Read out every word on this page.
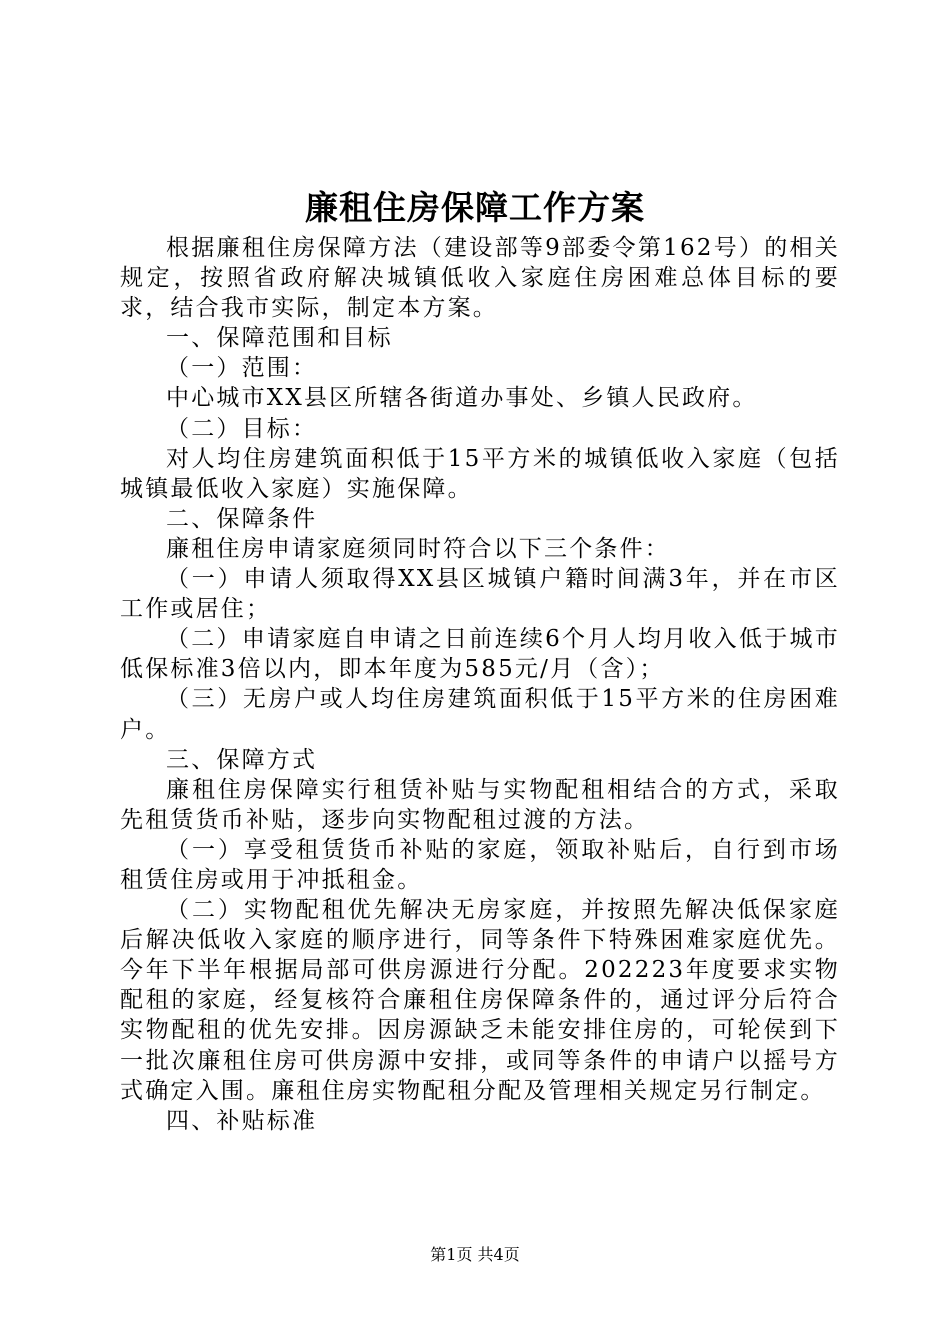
廉租住房保障工作方案

根据廉租住房保障方法（建设部等9部委令第162号）的相关规定，按照省政府解决城镇低收入家庭住房困难总体目标的要求，结合我市实际，制定本方案。

一、保障范围和目标

（一）范围：

中心城市XX县区所辖各街道办事处、乡镇人民政府。

（二）目标：

对人均住房建筑面积低于15平方米的城镇低收入家庭（包括城镇最低收入家庭）实施保障。

二、保障条件

廉租住房申请家庭须同时符合以下三个条件：

（一）申请人须取得XX县区城镇户籍时间满3年，并在市区工作或居住；

（二）申请家庭自申请之日前连续6个月人均月收入低于城市低保标准3倍以内，即本年度为585元/月（含）；

（三）无房户或人均住房建筑面积低于15平方米的住房困难户。

三、保障方式

廉租住房保障实行租赁补贴与实物配租相结合的方式，采取先租赁货币补贴，逐步向实物配租过渡的方法。

（一）享受租赁货币补贴的家庭，领取补贴后，自行到市场租赁住房或用于冲抵租金。

（二）实物配租优先解决无房家庭，并按照先解决低保家庭后解决低收入家庭的顺序进行，同等条件下特殊困难家庭优先。今年下半年根据局部可供房源进行分配。202223年度要求实物配租的家庭，经复核符合廉租住房保障条件的，通过评分后符合实物配租的优先安排。因房源缺乏未能安排住房的，可轮侯到下一批次廉租住房可供房源中安排，或同等条件的申请户以摇号方式确定入围。廉租住房实物配租分配及管理相关规定另行制定。

四、补贴标准

第1页 共4页
